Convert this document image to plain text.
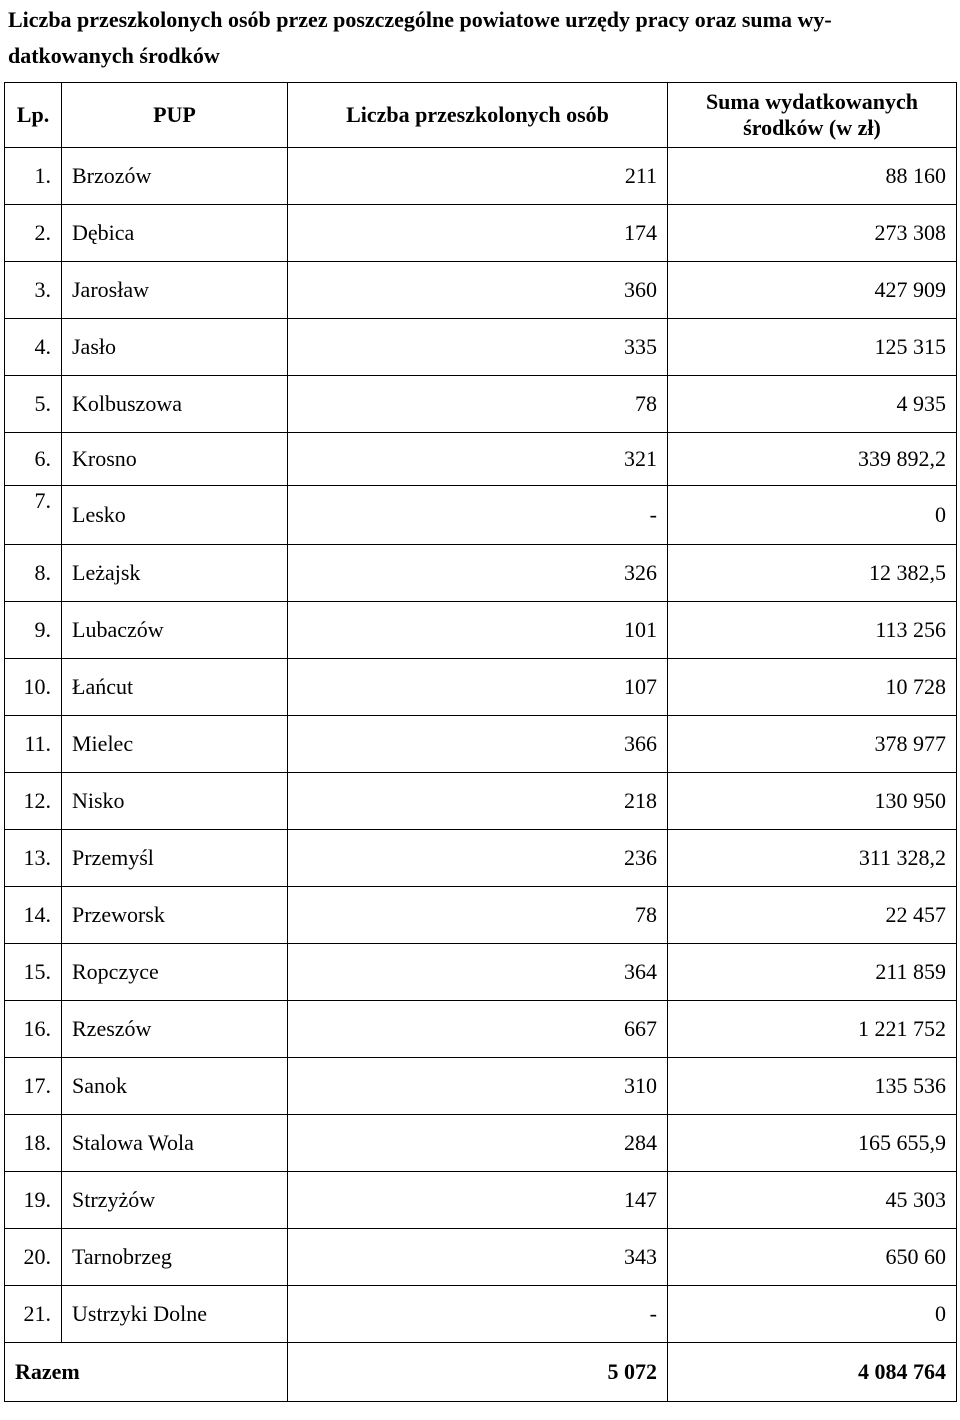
Liczba przeszkolonych osób przez poszczególne powiatowe urzędy pracy oraz suma wy-datkowanych środków
Lp.	PUP	Liczba przeszkolonych osób	Suma wydatkowanych środków (w zł)
1.	Brzozów	211	88 160
2.	Dębica	174	273 308
3.	Jarosław	360	427 909
4.	Jasło	335	125 315
5.	Kolbuszowa	78	4 935
6.	Krosno	321	339 892,2
7.	Lesko	-	0
8.	Leżajsk	326	12 382,5
9.	Lubaczów	101	113 256
10.	Łańcut	107	10 728
11.	Mielec	366	378 977
12.	Nisko	218	130 950
13.	Przemyśl	236	311 328,2
14.	Przeworsk	78	22 457
15.	Ropczyce	364	211 859
16.	Rzeszów	667	1 221 752
17.	Sanok	310	135 536
18.	Stalowa Wola	284	165 655,9
19.	Strzyżów	147	45 303
20.	Tarnobrzeg	343	650 60
21.	Ustrzyki Dolne	-	0
Razem		5 072	4 084 764
